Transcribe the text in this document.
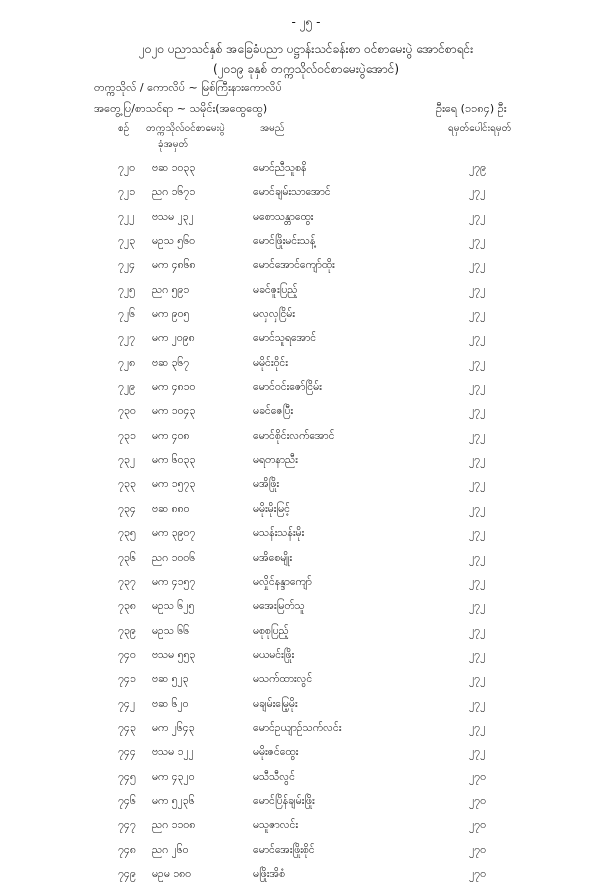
- ၂၅ -
၂၀၂၀ ပညာသင်နှစ် အခြေခံပညာ ပဋ္ဌာန်းသင်ခန်းစာ ဝင်စာမေးပွဲ အောင်စာရင်း
(၂၀၁၉ ခုနှစ် တက္ကသိုလ်ဝင်စာမေးပွဲအောင်)
တက္ကသိုလ် / ကောလိပ် ~ မြစ်ကြီးနားကောလိပ်
အတွေ့ပြ/စာသင်ရာ ~ သမိုင်း(အထွေထွေ)	ဦးရေ (၁၁၈၄) ဦး
စဉ် တက္ကသိုလ်ဝင်စာမေးပွဲ	အမည်	ရမှတ်ပေါင်းရမှတ်
ခုံအမှတ်
၇၂၀ ဗဆ ၁၀၃၃	မောင်ညီသူစနိ	၂၇၉
၇၂၁ ညဂ ၁၆၇၁	မောင်ချမ်းသာအောင်	၂၇၂
၇၂၂ ဗသမ ၂၃၂	မစောသန္တာထွေး	၂၇၂
၇၂၃ မဥသ ၅၆၀	မောင်ဖြိုးမင်းသန့်	၂၇၂
၇၂၄ မက ၄၈၆၈	မောင်အောင်ကျော်ထိုး	၂၇၂
၇၂၅ ညဂ ၅၉၁	မခင်ဇူးပြည့်	၂၇၂
၇၂၆ မက ၉၀၅	မလှလှငြိမ်း	၂၇၂
၇၂၇ မက ၂၀၉၈	မောင်သူရအောင်	၂၇၂
၇၂၈ ဗဆ ၃၆၇	မမိုင်းဝိုင်း	၂၇၂
၇၂၉ မက ၄၈၁၀	မောင်ဝင်းဇော်ငြိမ်း	၂၇၂
၇၃၀ မက ၁၀၄၃	မခင်ဇေပြီး	၂၇၂
၇၃၁ မက ၄၀၈	မောင်စိုင်းလက်အောင်	၂၇၂
၇၃၂ မက ၆၀၃၃	မရတနာညီး	၂၇၂
၇၃၃ မက ၁၅၇၃	မအိဖြိုး	၂၇၂
၇၃၄ ဗဆ ၈၈၀	မမိုးမိုးမြင့်	၂၇၂
၇၃၅ မက ၃၉၀၇	မသန်းသန်းမိုး	၂၇၂
၇၃၆ ညဂ ၁၀၀၆	မအိစေမျိုး	၂၇၂
၇၃၇ မက ၄၁၅၇	မလှိုင်နန္ဒာကျော်	၂၇၂
၇၃၈ မဥသ ၆၂၅	မအေးမြတ်သူ	၂၇၂
၇၃၉ မဥသ ၆၆	မစုစုပြည့်	၂၇၂
၇၄၀ ဗသမ ၅၅၃	မယမင်းဖြိုး	၂၇၂
၇၄၁ ဗဆ ၅၂၃	မသက်ထားလွင်	၂၇၂
၇၄၂ ဗဆ ၆၂၀	မချမ်းမြေ့မိုး	၂၇၂
၇၄၃ မက ၂၆၄၃	မောင်ဥယျာဉ်သက်လင်း	၂၇၂
၇၄၄ ဗသမ ၁၂၂	မမိုးဇင်ထွေး	၂၇၂
၇၄၅ မက ၄၃၂၀	မသီသီလွင်	၂၇၀
၇၄၆ မက ၅၂၃၆	မောင်ပြိန်ချမ်းဖြိုး	၂၇၀
၇၄၇ ညဂ ၁၁၀၈	မသူဇာလင်း	၂၇၀
၇၄၈ ညဂ ၂၆၀	မောင်အေးဖြိုးစိုင်	၂၇၀
၇၄၉ မဥမ ၁၈၀	မဖြိုးအိစံ	၂၇၀
